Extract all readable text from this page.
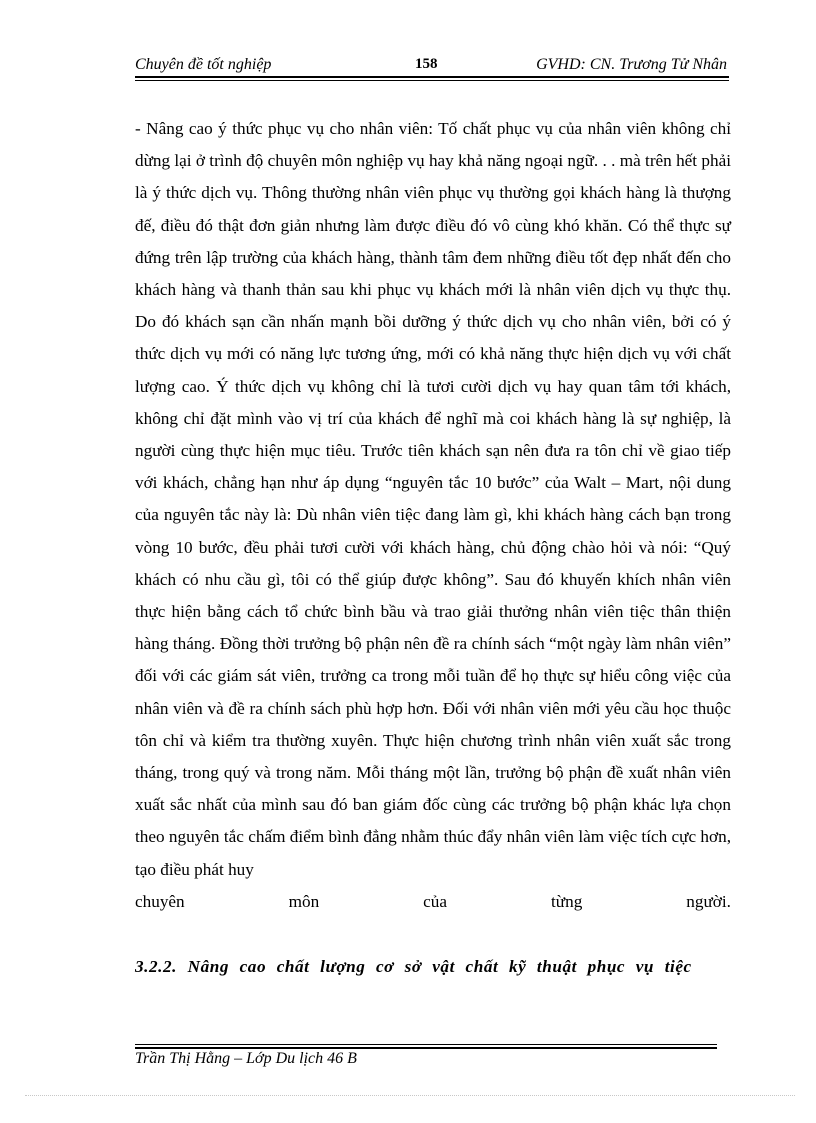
Chuyên đề tốt nghiệp	158	GVHD: CN. Trương Tử Nhân

- Nâng cao ý thức phục vụ cho nhân viên: Tố chất phục vụ của nhân viên không chỉ dừng lại ở trình độ chuyên môn nghiệp vụ hay khả năng ngoại ngữ. . . mà trên hết phải là ý thức dịch vụ. Thông thường nhân viên phục vụ thường gọi khách hàng là thượng đế, điều đó thật đơn giản nhưng làm được điều đó vô cùng khó khăn. Có thể thực sự đứng trên lập trường của khách hàng, thành tâm đem những điều tốt đẹp nhất đến cho khách hàng và thanh thản sau khi phục vụ khách mới là nhân viên dịch vụ thực thụ. Do đó khách sạn cần nhấn mạnh bồi dưỡng ý thức dịch vụ cho nhân viên, bởi có ý thức dịch vụ mới có năng lực tương ứng, mới có khả năng thực hiện dịch vụ với chất lượng cao. Ý thức dịch vụ không chỉ là tươi cười dịch vụ hay quan tâm tới khách, không chỉ đặt mình vào vị trí của khách để nghĩ mà coi khách hàng là sự nghiệp, là người cùng thực hiện mục tiêu. Trước tiên khách sạn nên đưa ra tôn chỉ về giao tiếp với khách, chẳng hạn như áp dụng “nguyên tắc 10 bước” của Walt – Mart, nội dung của nguyên tắc này là: Dù nhân viên tiệc đang làm gì, khi khách hàng cách bạn trong vòng 10 bước, đều phải tươi cười với khách hàng, chủ động chào hỏi và nói: “Quý khách có nhu cầu gì, tôi có thể giúp được không”. Sau đó khuyến khích nhân viên thực hiện bằng cách tổ chức bình bầu và trao giải thưởng nhân viên tiệc thân thiện hàng tháng. Đồng thời trưởng bộ phận nên đề ra chính sách “một ngày làm nhân viên” đối với các giám sát viên, trưởng ca trong mỗi tuần để họ thực sự hiểu công việc của nhân viên và đề ra chính sách phù hợp hơn. Đối với nhân viên mới yêu cầu học thuộc tôn chỉ và kiểm tra thường xuyên. Thực hiện chương trình nhân viên xuất sắc trong tháng, trong quý và trong năm. Mỗi tháng một lần, trưởng bộ phận đề xuất nhân viên xuất sắc nhất của mình sau đó ban giám đốc cùng các trưởng bộ phận khác lựa chọn theo nguyên tắc chấm điểm bình đẳng nhằm thúc đẩy nhân viên làm việc tích cực hơn, tạo điều phát huy

chuyên	môn	của	từng	người.
3.2.2. Nâng cao chất lượng cơ sở vật chất kỹ thuật phục vụ tiệc
Trần Thị Hằng – Lớp Du lịch 46 B
